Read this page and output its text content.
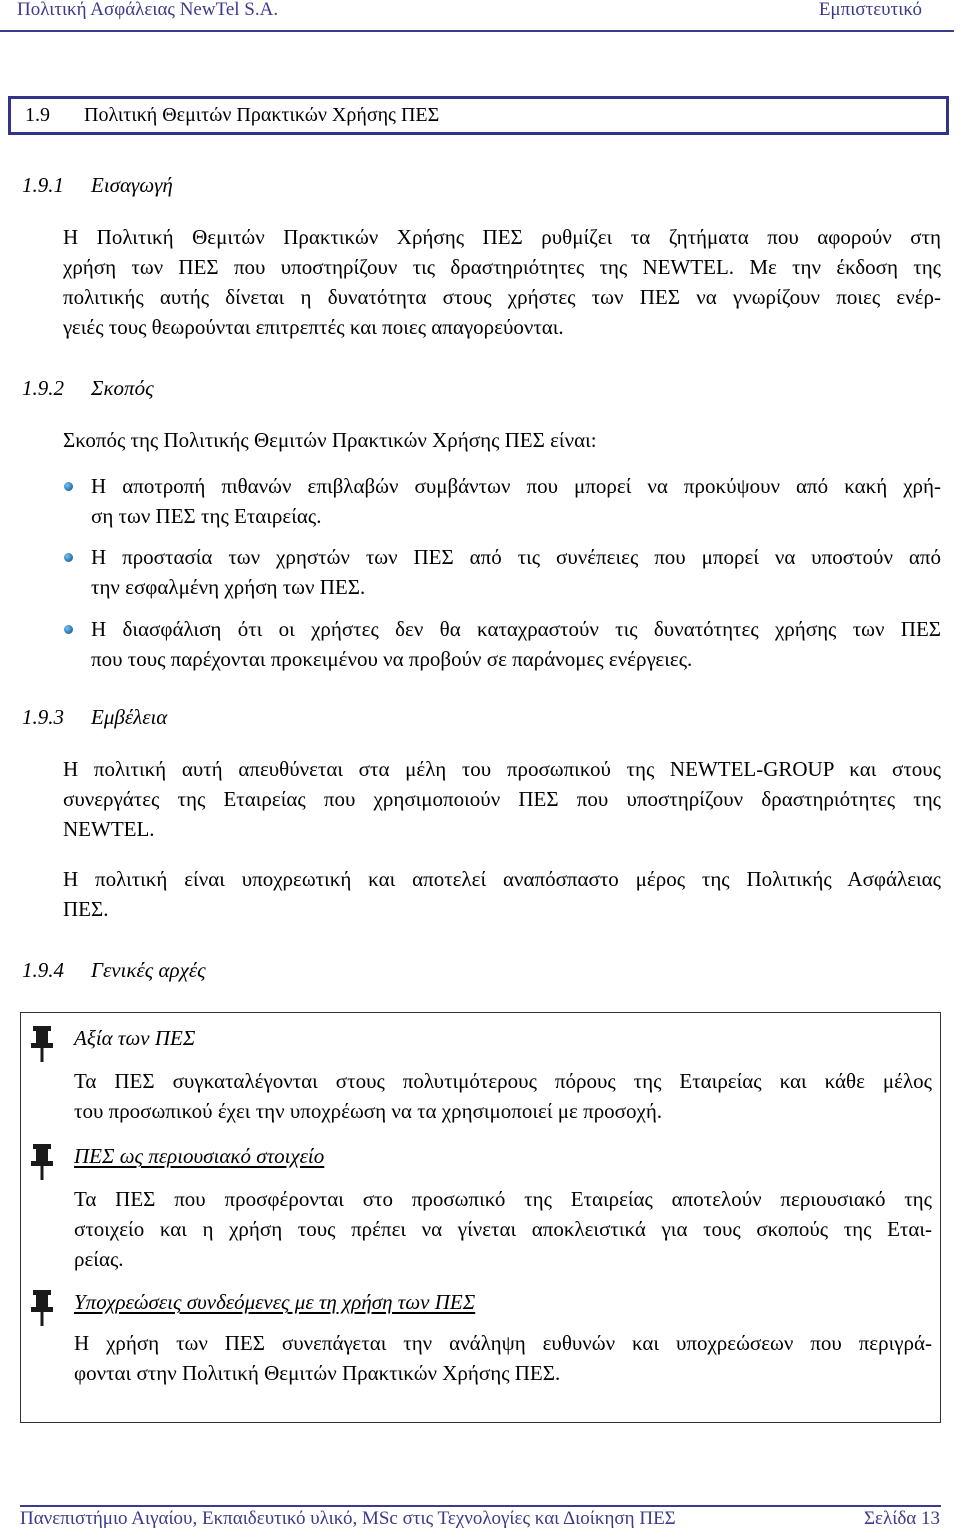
Πολιτική Ασφάλειας NewTel S.A.	Εμπιστευτικό
1.9 Πολιτική Θεμιτών Πρακτικών Χρήσης ΠΕΣ
1.9.1 Εισαγωγή
Η Πολιτική Θεμιτών Πρακτικών Χρήσης ΠΕΣ ρυθμίζει τα ζητήματα που αφορούν στη
χρήση των ΠΕΣ που υποστηρίζουν τις δραστηριότητες της NEWTEL. Με την έκδοση της
πολιτικής αυτής δίνεται η δυνατότητα στους χρήστες των ΠΕΣ να γνωρίζουν ποιες ενέρ-
γειές τους θεωρούνται επιτρεπτές και ποιες απαγορεύονται.
1.9.2 Σκοπός
Σκοπός της Πολιτικής Θεμιτών Πρακτικών Χρήσης ΠΕΣ είναι:
Η αποτροπή πιθανών επιβλαβών συμβάντων που μπορεί να προκύψουν από κακή χρή-
ση των ΠΕΣ της Εταιρείας.
Η προστασία των χρηστών των ΠΕΣ από τις συνέπειες που μπορεί να υποστούν από
την εσφαλμένη χρήση των ΠΕΣ.
Η διασφάλιση ότι οι χρήστες δεν θα καταχραστούν τις δυνατότητες χρήσης των ΠΕΣ
που τους παρέχονται προκειμένου να προβούν σε παράνομες ενέργειες.
1.9.3 Εμβέλεια
Η πολιτική αυτή απευθύνεται στα μέλη του προσωπικού της NEWTEL-GROUP και στους
συνεργάτες της Εταιρείας που χρησιμοποιούν ΠΕΣ που υποστηρίζουν δραστηριότητες της
NEWTEL.
Η πολιτική είναι υποχρεωτική και αποτελεί αναπόσπαστο μέρος της Πολιτικής Ασφάλειας
ΠΕΣ.
1.9.4 Γενικές αρχές
Αξία των ΠΕΣ
Τα ΠΕΣ συγκαταλέγονται στους πολυτιμότερους πόρους της Εταιρείας και κάθε μέλος
του προσωπικού έχει την υποχρέωση να τα χρησιμοποιεί με προσοχή.
ΠΕΣ ως περιουσιακό στοιχείο
Τα ΠΕΣ που προσφέρονται στο προσωπικό της Εταιρείας αποτελούν περιουσιακό της
στοιχείο και η χρήση τους πρέπει να γίνεται αποκλειστικά για τους σκοπούς της Εται-
ρείας.
Υποχρεώσεις συνδεόμενες με τη χρήση των ΠΕΣ
Η χρήση των ΠΕΣ συνεπάγεται την ανάληψη ευθυνών και υποχρεώσεων που περιγρά-
φονται στην Πολιτική Θεμιτών Πρακτικών Χρήσης ΠΕΣ.
Πανεπιστήμιο Αιγαίου, Εκπαιδευτικό υλικό, MSc στις Τεχνολογίες και Διοίκηση ΠΕΣ	Σελίδα 13
